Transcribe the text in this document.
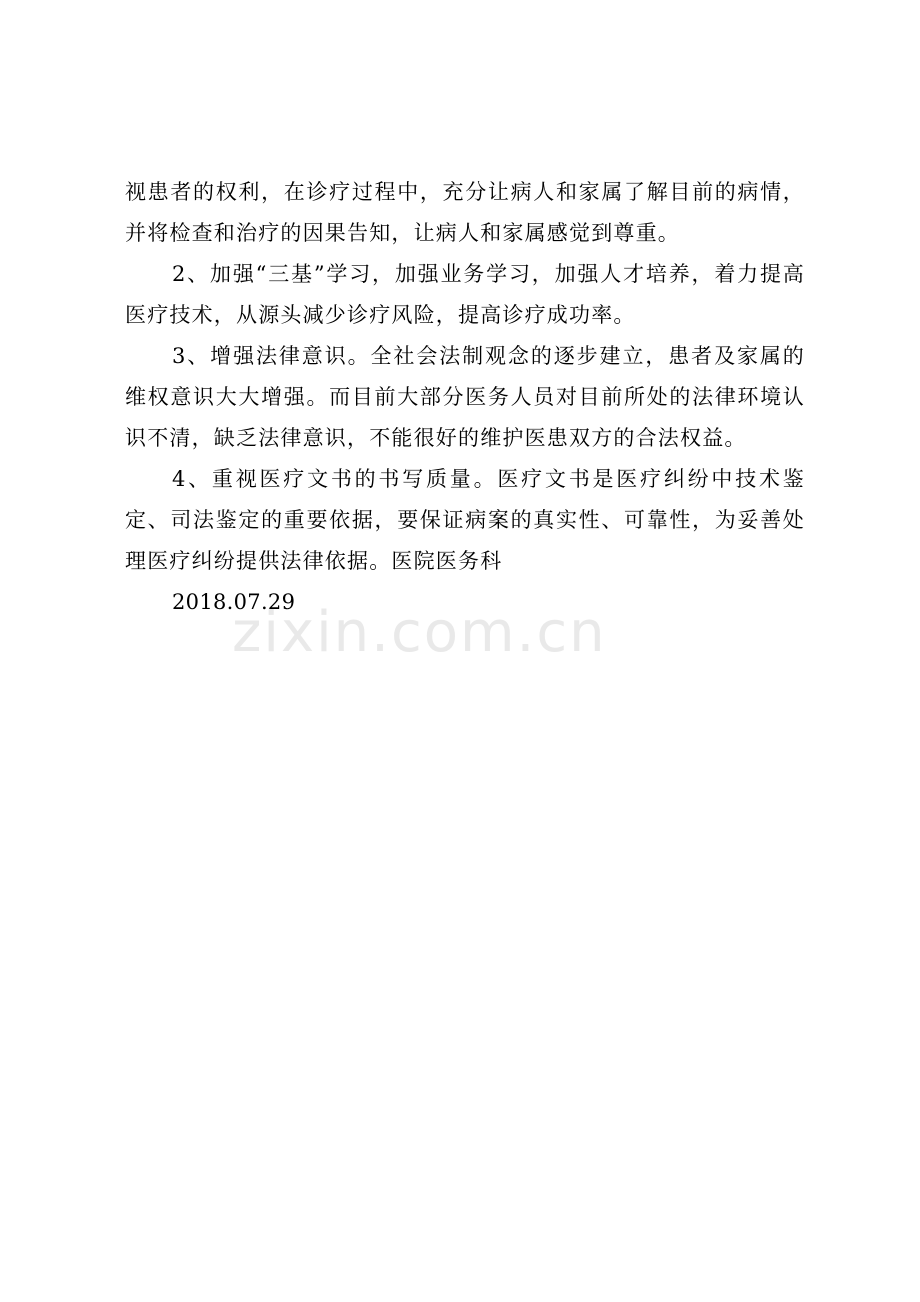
zixin.com.cn

视患者的权利，在诊疗过程中，充分让病人和家属了解目前的病情，并将检查和治疗的因果告知，让病人和家属感觉到尊重。

2、加强“三基”学习，加强业务学习，加强人才培养，着力提高医疗技术，从源头减少诊疗风险，提高诊疗成功率。

3、增强法律意识。全社会法制观念的逐步建立，患者及家属的维权意识大大增强。而目前大部分医务人员对目前所处的法律环境认识不清，缺乏法律意识，不能很好的维护医患双方的合法权益。

4、重视医疗文书的书写质量。医疗文书是医疗纠纷中技术鉴定、司法鉴定的重要依据，要保证病案的真实性、可靠性，为妥善处理医疗纠纷提供法律依据。医院医务科

2018.07.29
